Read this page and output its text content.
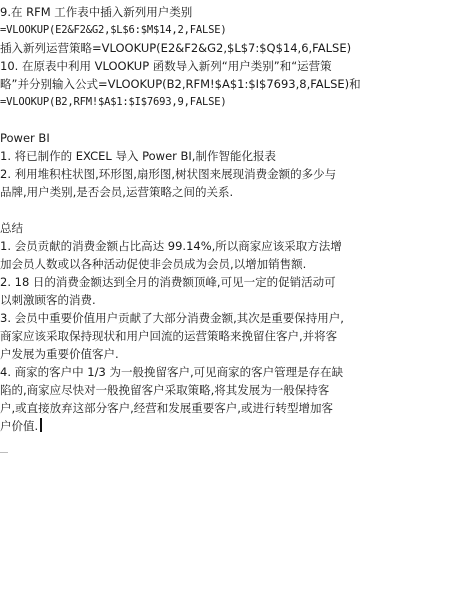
9.在 RFM 工作表中插入新列用户类别
=VLOOKUP(E2&F2&G2,$L$6:$M$14,2,FALSE)
插入新列运营策略=VLOOKUP(E2&F2&G2,$L$7:$Q$14,6,FALSE)
10. 在原表中利用 VLOOKUP 函数导入新列“用户类别”和“运营策
略”并分别输入公式=VLOOKUP(B2,RFM!$A$1:$I$7693,8,FALSE)和
=VLOOKUP(B2,RFM!$A$1:$I$7693,9,FALSE)
Power BI
1. 将已制作的 EXCEL 导入 Power BI,制作智能化报表
2. 利用堆积柱状图,环形图,扇形图,树状图来展现消费金额的多少与
品牌,用户类别,是否会员,运营策略之间的关系.
总结
1. 会员贡献的消费金额占比高达 99.14%,所以商家应该采取方法增
加会员人数或以各种活动促使非会员成为会员,以增加销售额.
2. 18 日的消费金额达到全月的消费额顶峰,可见一定的促销活动可
以刺激顾客的消费.
3. 会员中重要价值用户贡献了大部分消费金额,其次是重要保持用户,
商家应该采取保持现状和用户回流的运营策略来挽留住客户,并将客
户发展为重要价值客户.
4. 商家的客户中 1/3 为一般挽留客户,可见商家的客户管理是存在缺
陷的,商家应尽快对一般挽留客户采取策略,将其发展为一般保持客
户,或直接放弃这部分客户,经营和发展重要客户,或进行转型增加客
户价值.
